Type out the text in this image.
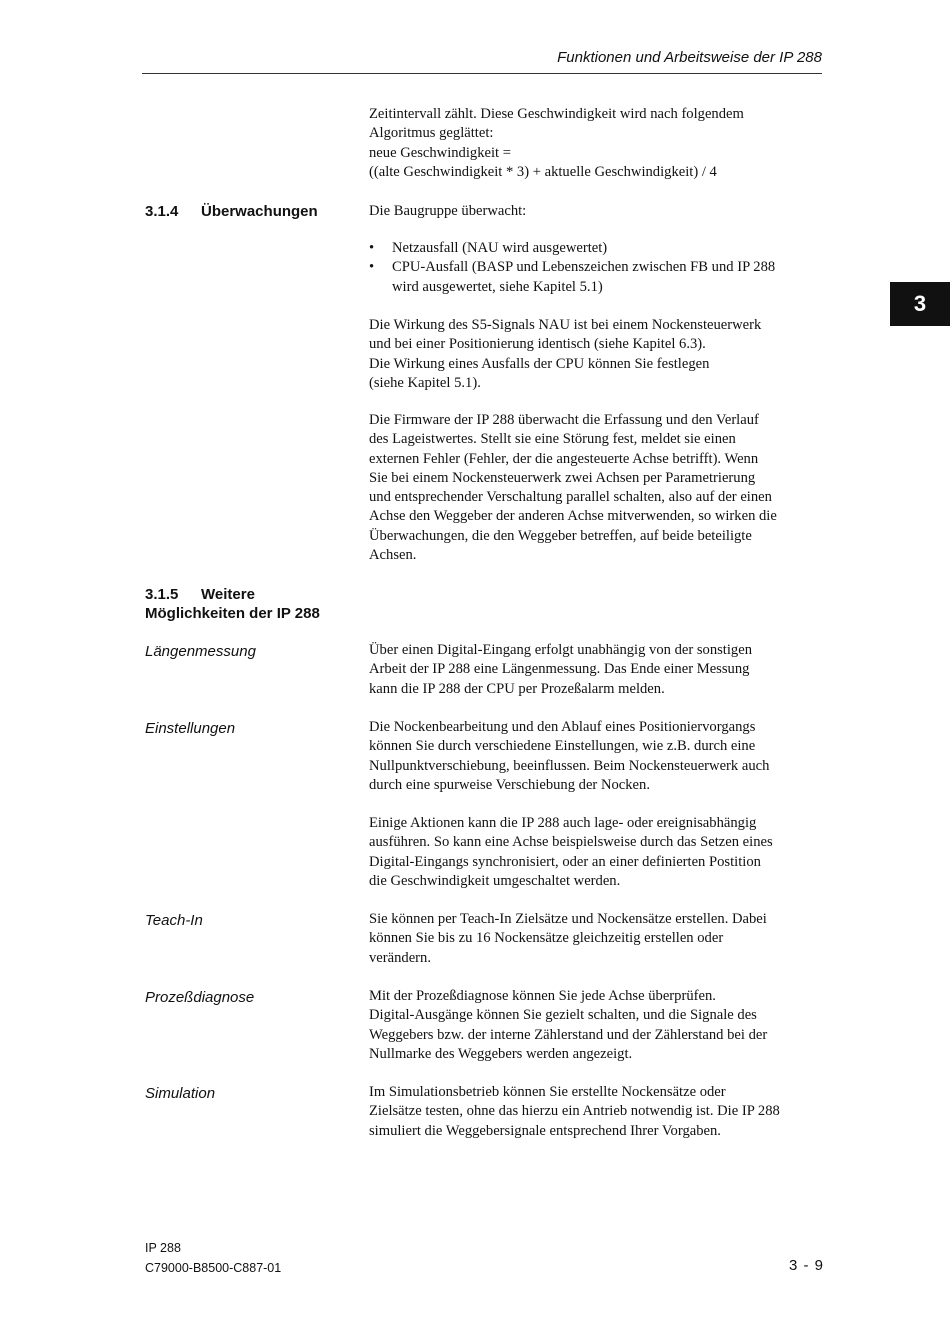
Funktionen und Arbeitsweise der IP 288
3

Zeitintervall zählt. Diese Geschwindigkeit wird nach folgendem

Algoritmus geglättet:

neue Geschwindigkeit =

((alte Geschwindigkeit * 3) + aktuelle Geschwindigkeit) / 4

3.1.4 Überwachungen	Die Baugruppe überwacht:

• Netzausfall (NAU wird ausgewertet)

• CPU-Ausfall (BASP und Lebenszeichen zwischen FB und IP 288

wird ausgewertet, siehe Kapitel 5.1)

Die Wirkung des S5-Signals NAU ist bei einem Nockensteuerwerk

und bei einer Positionierung identisch (siehe Kapitel 6.3).

Die Wirkung eines Ausfalls der CPU können Sie festlegen

(siehe Kapitel 5.1).

Die Firmware der IP 288 überwacht die Erfassung und den Verlauf

des Lageistwertes. Stellt sie eine Störung fest, meldet sie einen

externen Fehler (Fehler, der die angesteuerte Achse betrifft). Wenn

Sie bei einem Nockensteuerwerk zwei Achsen per Parametrierung

und entsprechender Verschaltung parallel schalten, also auf der einen

Achse den Weggeber der anderen Achse mitverwenden, so wirken die

Überwachungen, die den Weggeber betreffen, auf beide beteiligte

Achsen.

3.1.5 Weitere
Möglichkeiten der IP 288
Längenmessung	Über einen Digital-Eingang erfolgt unabhängig von der sonstigen

Arbeit der IP 288 eine Längenmessung. Das Ende einer Messung

kann die IP 288 der CPU per Prozeßalarm melden.

Einstellungen	Die Nockenbearbeitung und den Ablauf eines Positioniervorgangs

können Sie durch verschiedene Einstellungen, wie z.B. durch eine

Nullpunktverschiebung, beeinflussen. Beim Nockensteuerwerk auch

durch eine spurweise Verschiebung der Nocken.

Einige Aktionen kann die IP 288 auch lage- oder ereignisabhängig

ausführen. So kann eine Achse beispielsweise durch das Setzen eines

Digital-Eingangs synchronisiert, oder an einer definierten Postition

die Geschwindigkeit umgeschaltet werden.

Teach-In	Sie können per Teach-In Zielsätze und Nockensätze erstellen. Dabei

können Sie bis zu 16 Nockensätze gleichzeitig erstellen oder

verändern.

Prozeßdiagnose	Mit der Prozeßdiagnose können Sie jede Achse überprüfen.

Digital-Ausgänge können Sie gezielt schalten, und die Signale des

Weggebers bzw. der interne Zählerstand und der Zählerstand bei der

Nullmarke des Weggebers werden angezeigt.

Simulation	Im Simulationsbetrieb können Sie erstellte Nockensätze oder

Zielsätze testen, ohne das hierzu ein Antrieb notwendig ist. Die IP 288

simuliert die Weggebersignale entsprechend Ihrer Vorgaben.

IP 288
C79000-B8500-C887-01	3 - 9
